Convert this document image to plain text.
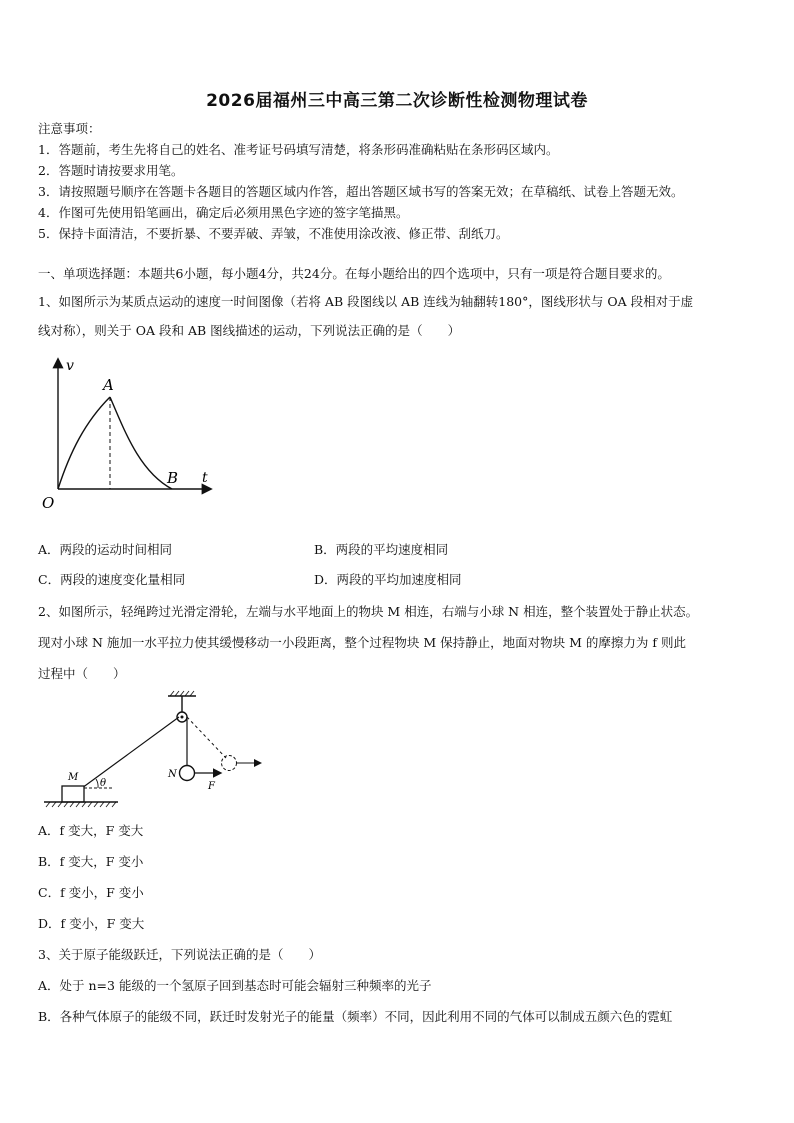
2026届福州三中高三第二次诊断性检测物理试卷
注意事项：
1．答题前，考生先将自己的姓名、准考证号码填写清楚，将条形码准确粘贴在条形码区域内。
2．答题时请按要求用笔。
3．请按照题号顺序在答题卡各题目的答题区域内作答，超出答题区域书写的答案无效；在草稿纸、试卷上答题无效。
4．作图可先使用铅笔画出，确定后必须用黑色字迹的签字笔描黑。
5．保持卡面清洁，不要折暴、不要弄破、弄皱，不准使用涂改液、修正带、刮纸刀。
一、单项选择题：本题共6小题，每小题4分，共24分。在每小题给出的四个选项中，只有一项是符合题目要求的。
1、如图所示为某质点运动的速度一时间图像（若将 AB 段图线以 AB 连线为轴翻转180°，图线形状与 OA 段相对于虚
线对称），则关于 OA 段和 AB 图线描述的运动，下列说法正确的是（　　）
v
t
O
A
B
A．两段的运动时间相同	B．两段的平均速度相同
C．两段的速度变化量相同	D．两段的平均加速度相同
2、如图所示，轻绳跨过光滑定滑轮，左端与水平地面上的物块 M 相连，右端与小球 N 相连，整个装置处于静止状态。
现对小球 N 施加一水平拉力使其缓慢移动一小段距离，整个过程物块 M 保持静止，地面对物块 M 的摩擦力为 f 则此
过程中（　　）
M
θ
N
F
A．f 变大，F 变大
B．f 变大，F 变小
C．f 变小，F 变小
D．f 变小，F 变大
3、关于原子能级跃迁，下列说法正确的是（　　）
A．处于 n=3 能级的一个氢原子回到基态时可能会辐射三种频率的光子
B．各种气体原子的能级不同，跃迁时发射光子的能量（频率）不同，因此利用不同的气体可以制成五颜六色的霓虹
